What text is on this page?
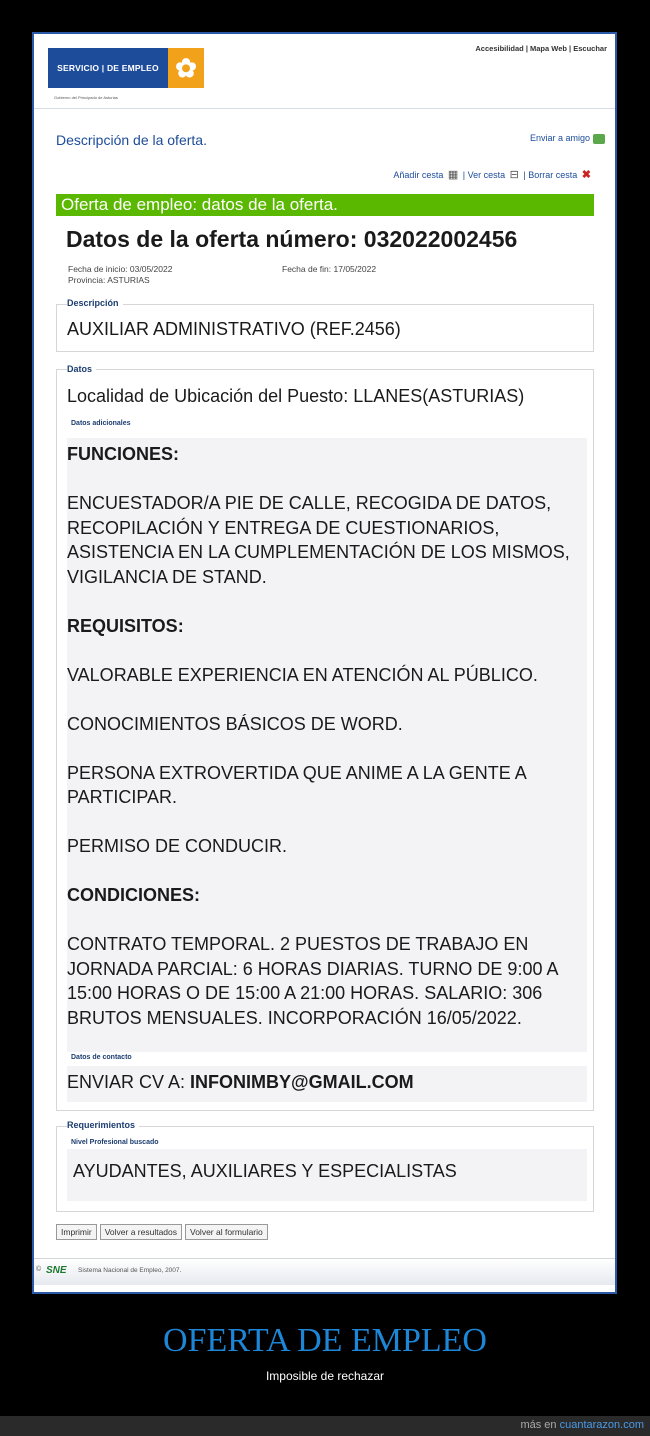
SERVICIO | DE EMPLEO ✿
Gobierno del Principado de Asturias
Accesibilidad | Mapa Web | Escuchar
Descripción de la oferta.	Enviar a amigo
Añadir cesta ▦ | Ver cesta ⊟ | Borrar cesta ✖
Oferta de empleo: datos de la oferta.
Datos de la oferta número: 032022002456
Fecha de inicio: 03/05/2022
Provincia: ASTURIAS
Fecha de fin: 17/05/2022
Descripción
AUXILIAR ADMINISTRATIVO (REF.2456)
Datos
Localidad de Ubicación del Puesto: LLANES(ASTURIAS)
Datos adicionales

FUNCIONES:

ENCUESTADOR/A PIE DE CALLE, RECOGIDA DE DATOS, RECOPILACIÓN Y ENTREGA DE CUESTIONARIOS, ASISTENCIA EN LA CUMPLEMENTACIÓN DE LOS MISMOS, VIGILANCIA DE STAND.

REQUISITOS:

VALORABLE EXPERIENCIA EN ATENCIÓN AL PÚBLICO.

CONOCIMIENTOS BÁSICOS DE WORD.

PERSONA EXTROVERTIDA QUE ANIME A LA GENTE A PARTICIPAR.

PERMISO DE CONDUCIR.

CONDICIONES:

CONTRATO TEMPORAL. 2 PUESTOS DE TRABAJO EN JORNADA PARCIAL: 6 HORAS DIARIAS. TURNO DE 9:00 A 15:00 HORAS O DE 15:00 A 21:00 HORAS. SALARIO: 306 BRUTOS MENSUALES. INCORPORACIÓN 16/05/2022.

Datos de contacto
ENVIAR CV A: INFONIMBY@GMAIL.COM
Requerimientos
Nivel Profesional buscado
AYUDANTES, AUXILIARES Y ESPECIALISTAS
Imprimir	Volver a resultados	Volver al formulario
© SNE Sistema Nacional de Empleo, 2007.
OFERTA DE EMPLEO
Imposible de rechazar
más en cuantarazon.com
